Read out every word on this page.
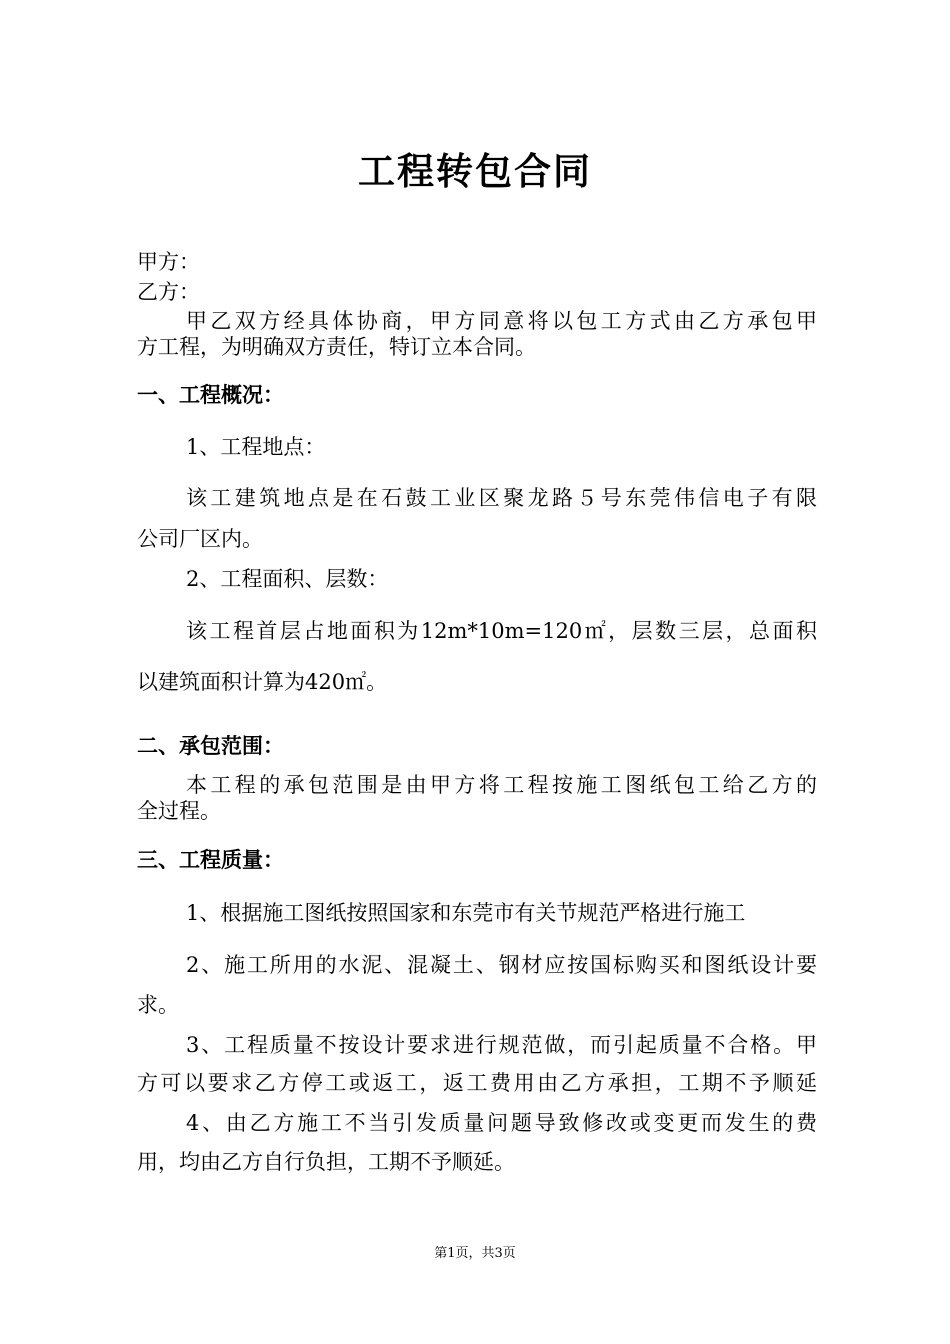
工程转包合同
甲方：
乙方：
甲乙双方经具体协商，甲方同意将以包工方式由乙方承包甲
方工程，为明确双方责任，特订立本合同。
一、工程概况：
1、工程地点：
该工建筑地点是在石鼓工业区聚龙路５号东莞伟信电子有限
公司厂区内。
2、工程面积、层数：
该工程首层占地面积为12m*10m=120㎡，层数三层，总面积
以建筑面积计算为420㎡。
二、承包范围：
本工程的承包范围是由甲方将工程按施工图纸包工给乙方的
全过程。
三、工程质量：
1、根据施工图纸按照国家和东莞市有关节规范严格进行施工
2、施工所用的水泥、混凝土、钢材应按国标购买和图纸设计要
求。
3、工程质量不按设计要求进行规范做，而引起质量不合格。甲
方可以要求乙方停工或返工，返工费用由乙方承担，工期不予顺延
4、由乙方施工不当引发质量问题导致修改或变更而发生的费
用，均由乙方自行负担，工期不予顺延。
第1页，共3页
